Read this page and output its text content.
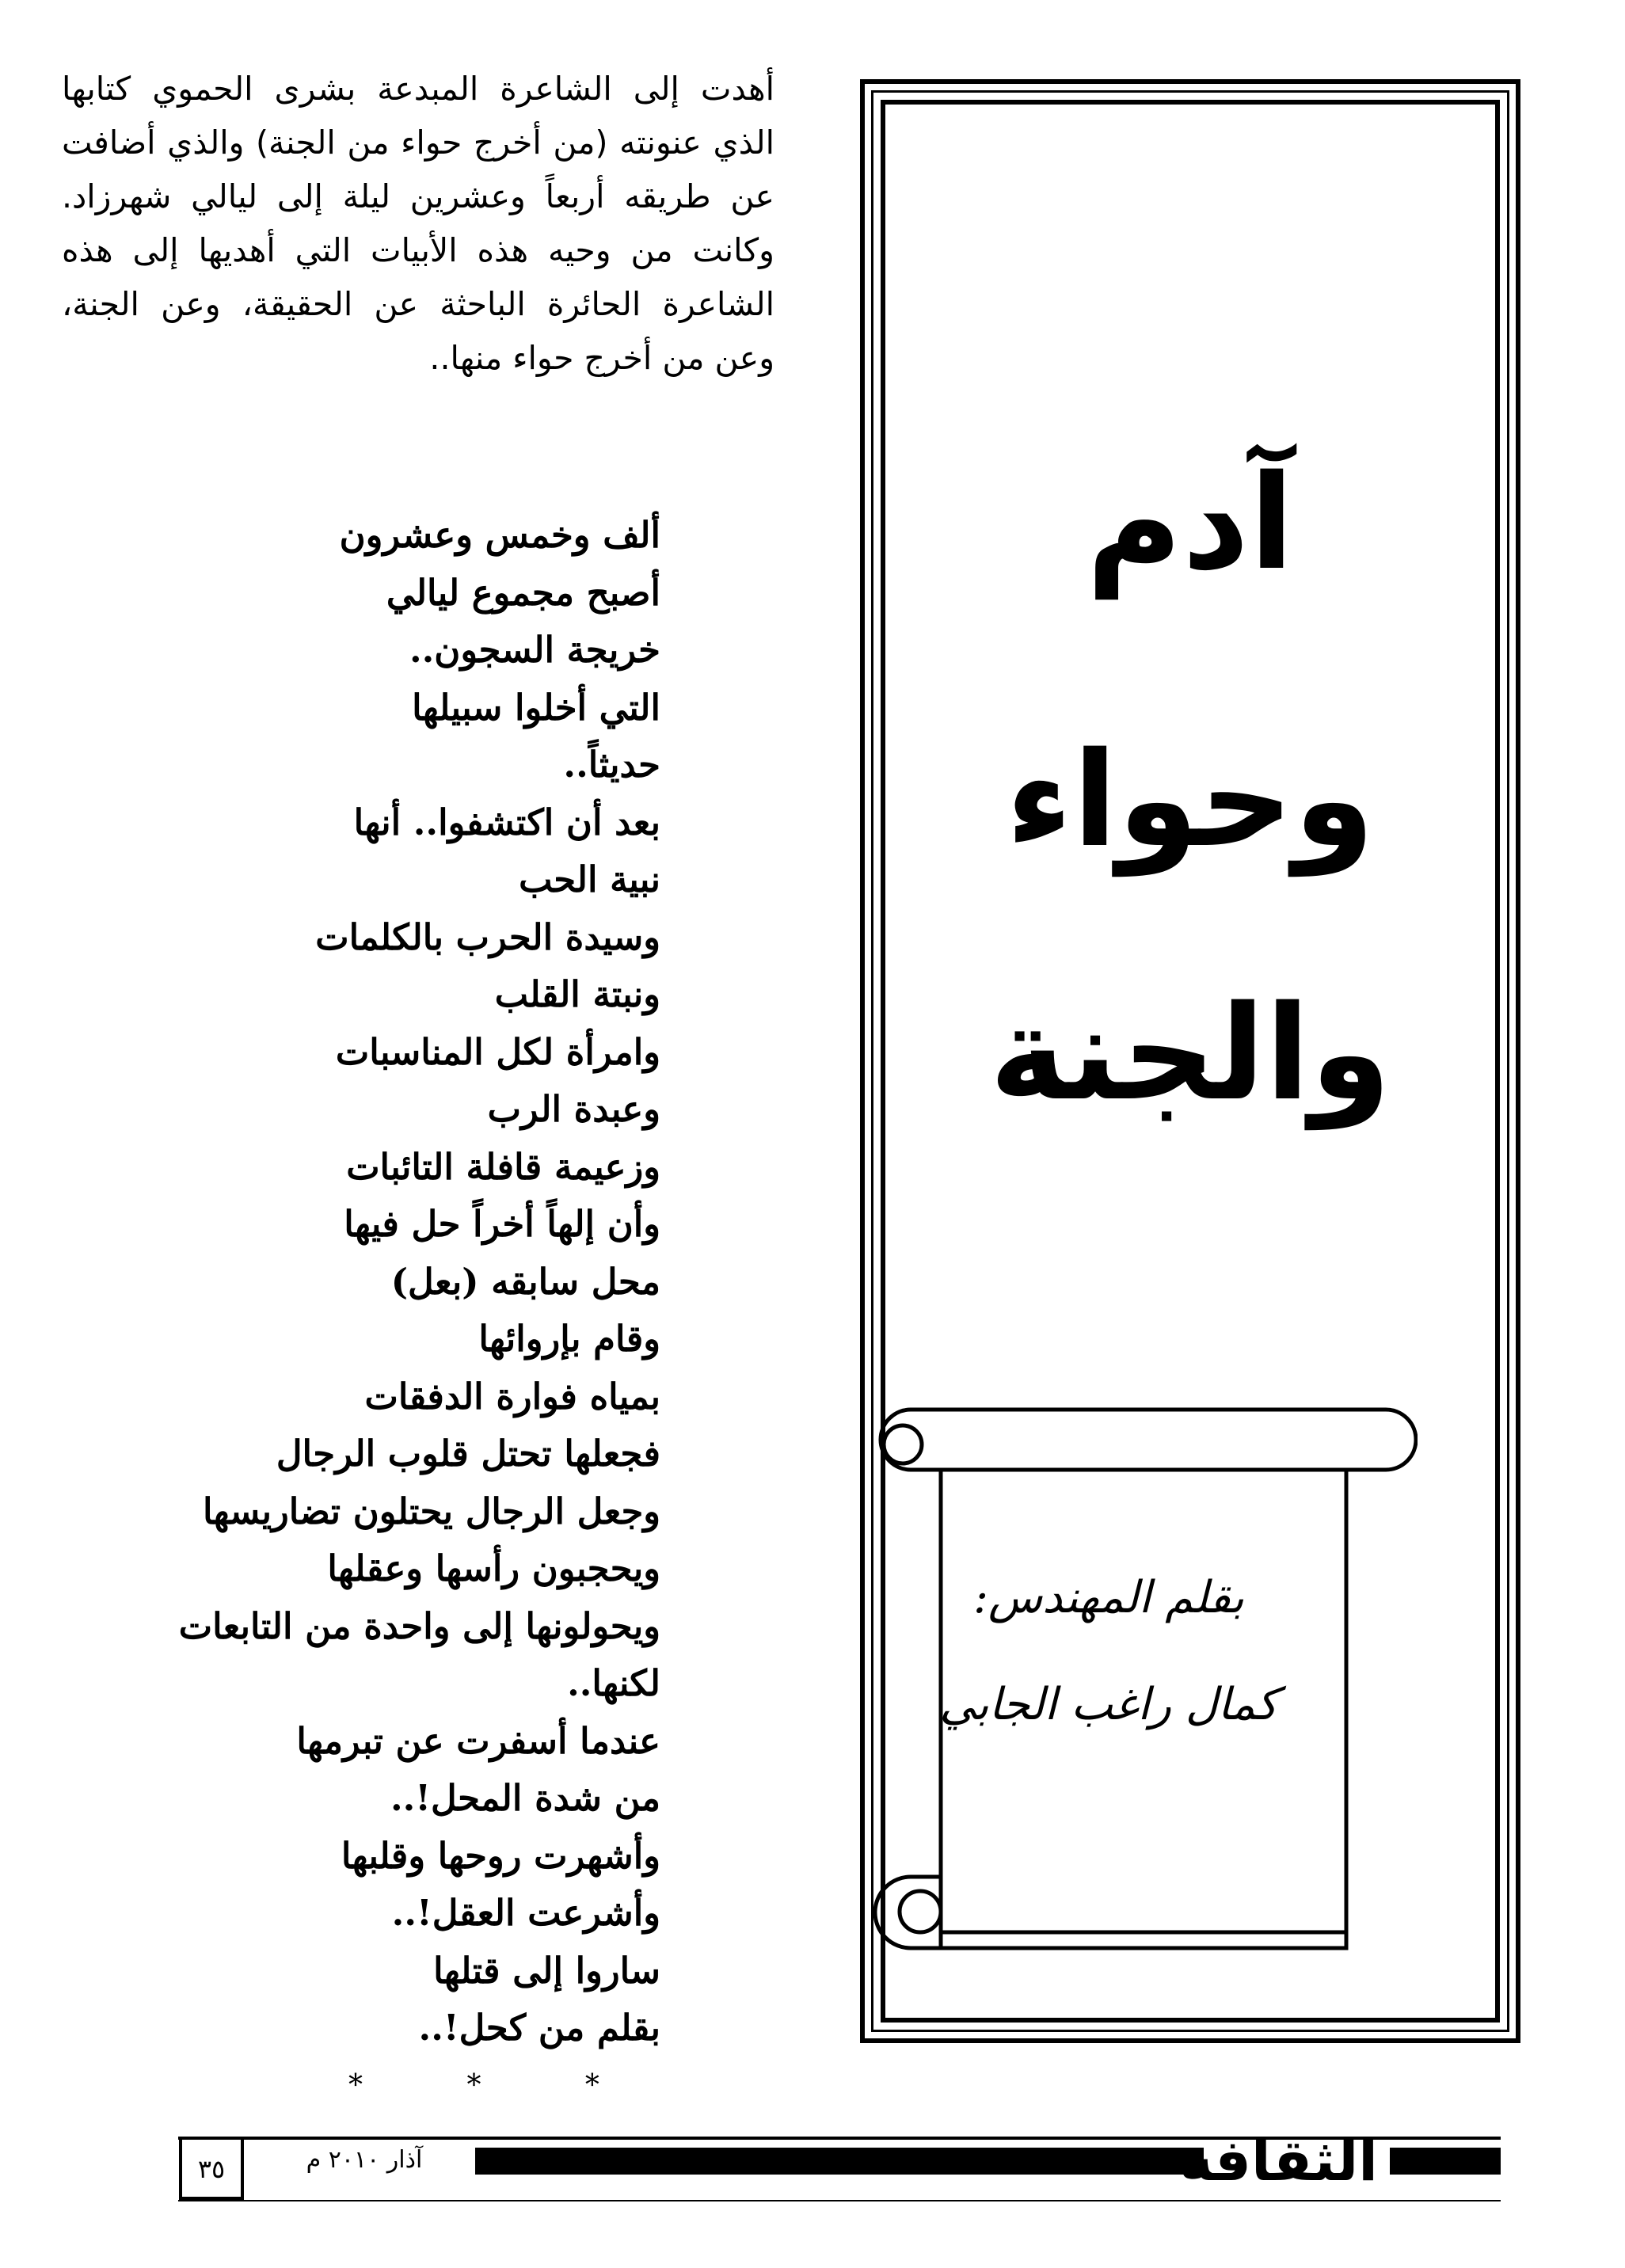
أهدت إلى الشاعرة المبدعة بشرى الحموي كتابها الذي عنونته (من أخرج حواء من الجنة) والذي أضافت عن طريقه أربعاً وعشرين ليلة إلى ليالي شهرزاد. وكانت من وحيه هذه الأبيات التي أهديها إلى هذه الشاعرة الحائرة الباحثة عن الحقيقة، وعن الجنة، وعن من أخرج حواء منها..
ألف وخمس وعشرون
أصبح مجموع ليالي
خريجة السجون..
التي أخلوا سبيلها
حديثاً..
بعد أن اكتشفوا.. أنها
نبية الحب
وسيدة الحرب بالكلمات
ونبتة القلب
وامرأة لكل المناسبات
وعبدة الرب
وزعيمة قافلة التائبات
وأن إلهاً أخراً حل فيها
محل سابقه (بعل)
وقام بإروائها
بمياه فوارة الدفقات
فجعلها تحتل قلوب الرجال
وجعل الرجال يحتلون تضاريسها
ويحجبون رأسها وعقلها
ويحولونها إلى واحدة من التابعات
لكنها..
عندما أسفرت عن تبرمها
من شدة المحل!..
وأشهرت روحها وقلبها
وأشرعت العقل!..
ساروا إلى قتلها
بقلم من كحل!..
* * *
آدم
وحواء
والجنة
بقلم المهندس:
كمال راغب الجابي
٣٥	آذار ٢٠١٠ م	الثقافة
